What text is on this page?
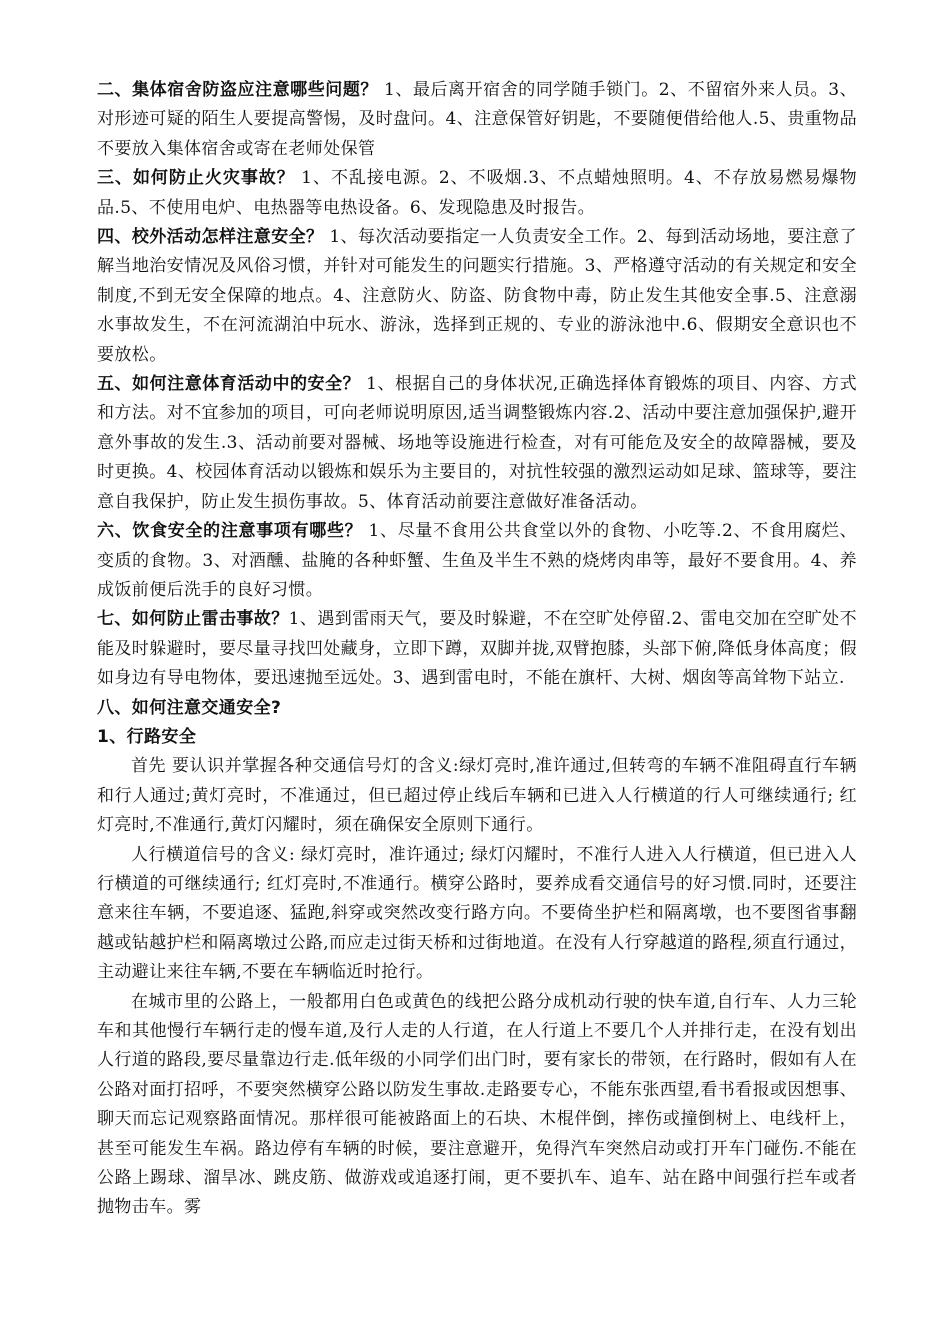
二、集体宿舍防盗应注意哪些问题？ 1、最后离开宿舍的同学随手锁门。2、不留宿外来人员。3、对形迹可疑的陌生人要提高警惕，及时盘问。4、注意保管好钥匙，不要随便借给他人.5、贵重物品不要放入集体宿舍或寄在老师处保管

三、如何防止火灾事故？ 1、不乱接电源。2、不吸烟.3、不点蜡烛照明。4、不存放易燃易爆物品.5、不使用电炉、电热器等电热设备。6、发现隐患及时报告。

四、校外活动怎样注意安全？ 1、每次活动要指定一人负责安全工作。2、每到活动场地，要注意了解当地治安情况及风俗习惯，并针对可能发生的问题实行措施。3、严格遵守活动的有关规定和安全制度,不到无安全保障的地点。4、注意防火、防盗、防食物中毒，防止发生其他安全事.5、注意溺水事故发生，不在河流湖泊中玩水、游泳，选择到正规的、专业的游泳池中.6、假期安全意识也不要放松。

五、如何注意体育活动中的安全？ 1、根据自己的身体状况,正确选择体育锻炼的项目、内容、方式和方法。对不宜参加的项目，可向老师说明原因,适当调整锻炼内容.2、活动中要注意加强保护,避开意外事故的发生.3、活动前要对器械、场地等设施进行检查，对有可能危及安全的故障器械，要及时更换。4、校园体育活动以锻炼和娱乐为主要目的，对抗性较强的激烈运动如足球、篮球等，要注意自我保护，防止发生损伤事故。5、体育活动前要注意做好准备活动。

六、饮食安全的注意事项有哪些？ 1、尽量不食用公共食堂以外的食物、小吃等.2、不食用腐烂、变质的食物。3、对酒醺、盐腌的各种虾蟹、生鱼及半生不熟的烧烤肉串等，最好不要食用。4、养成饭前便后洗手的良好习惯。

七、如何防止雷击事故？1、遇到雷雨天气，要及时躲避，不在空旷处停留.2、雷电交加在空旷处不能及时躲避时，要尽量寻找凹处藏身，立即下蹲，双脚并拢,双臂抱膝，头部下俯,降低身体高度；假如身边有导电物体，要迅速抛至远处。3、遇到雷电时，不能在旗杆、大树、烟囱等高耸物下站立.

八、如何注意交通安全?

1、行路安全

首先 要认识并掌握各种交通信号灯的含义:绿灯亮时,准许通过,但转弯的车辆不准阻碍直行车辆和行人通过;黄灯亮时，不准通过，但已超过停止线后车辆和已进入人行横道的行人可继续通行; 红灯亮时,不准通行,黄灯闪耀时，须在确保安全原则下通行。

人行横道信号的含义: 绿灯亮时，准许通过; 绿灯闪耀时，不准行人进入人行横道，但已进入人行横道的可继续通行; 红灯亮时,不准通行。横穿公路时，要养成看交通信号的好习惯.同时，还要注意来往车辆，不要追逐、猛跑,斜穿或突然改变行路方向。不要倚坐护栏和隔离墩，也不要图省事翻越或钻越护栏和隔离墩过公路,而应走过街天桥和过街地道。在没有人行穿越道的路程,须直行通过，主动避让来往车辆,不要在车辆临近时抢行。

在城市里的公路上，一般都用白色或黄色的线把公路分成机动行驶的快车道,自行车、人力三轮车和其他慢行车辆行走的慢车道,及行人走的人行道，在人行道上不要几个人并排行走，在没有划出人行道的路段,要尽量靠边行走.低年级的小同学们出门时，要有家长的带领，在行路时，假如有人在公路对面打招呼，不要突然横穿公路以防发生事故.走路要专心，不能东张西望,看书看报或因想事、聊天而忘记观察路面情况。那样很可能被路面上的石块、木棍伴倒，摔伤或撞倒树上、电线杆上，甚至可能发生车祸。路边停有车辆的时候，要注意避开，免得汽车突然启动或打开车门碰伤.不能在公路上踢球、溜旱冰、跳皮筋、做游戏或追逐打闹，更不要扒车、追车、站在路中间强行拦车或者抛物击车。雾
